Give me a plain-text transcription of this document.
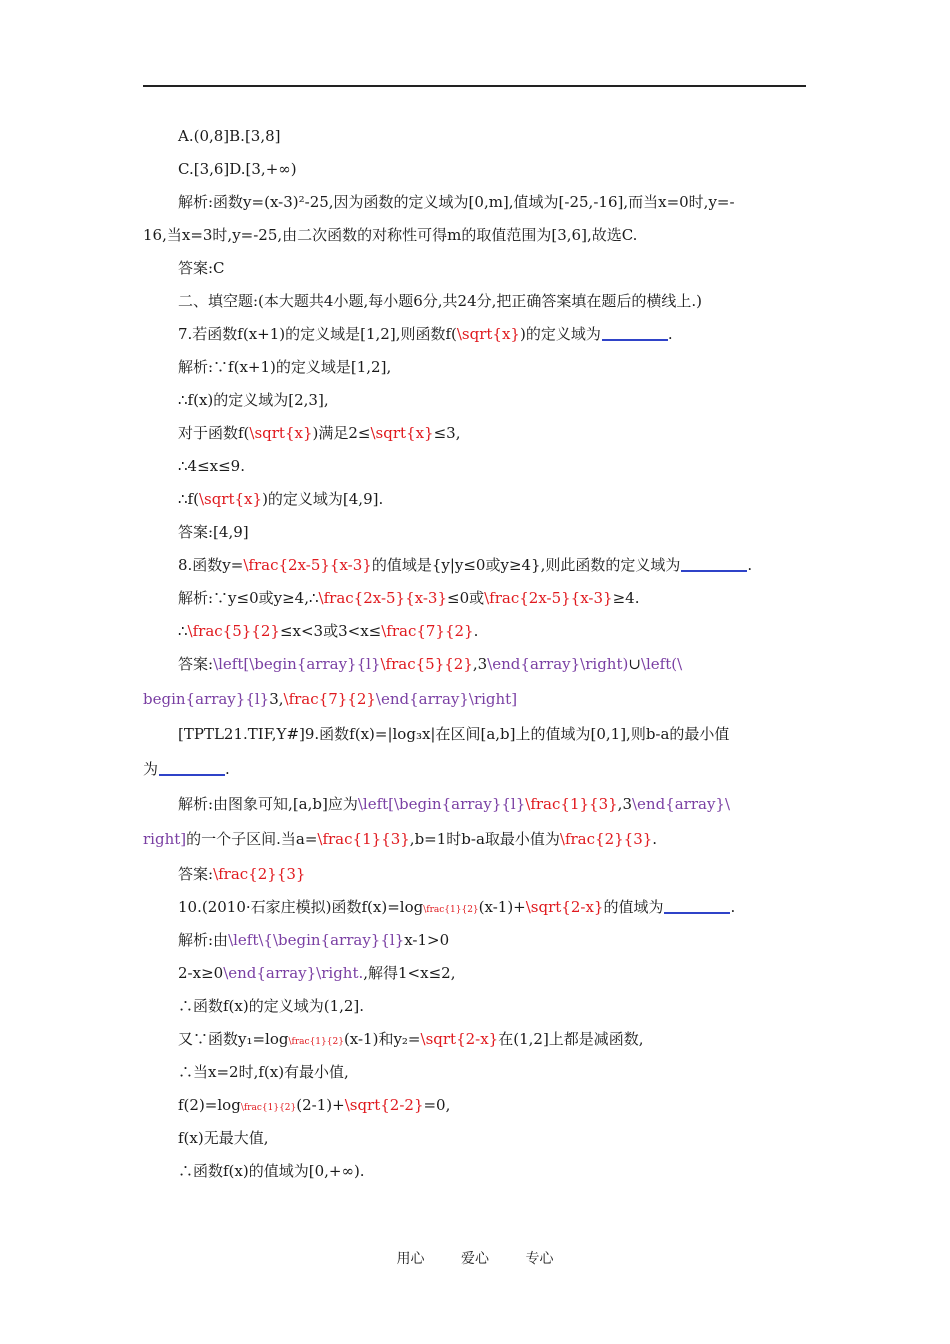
A.(0,8]B.[3,8]
C.[3,6]D.[3,+∞)
解析:函数y=(x-3)²-25,因为函数的定义域为[0,m],值域为[-25,-16],而当x=0时,y=-
16,当x=3时,y=-25,由二次函数的对称性可得m的取值范围为[3,6],故选C.
答案:C
二、填空题:(本大题共4小题,每小题6分,共24分,把正确答案填在题后的横线上.)
7.若函数f(x+1)的定义域是[1,2],则函数f(\sqrt{x})的定义域为	.
解析:∵f(x+1)的定义域是[1,2],
∴f(x)的定义域为[2,3],
对于函数f(\sqrt{x})满足2≤\sqrt{x}≤3,
∴4≤x≤9.
∴f(\sqrt{x})的定义域为[4,9].
答案:[4,9]
8.函数y=\frac{2x-5}{x-3}的值域是{y|y≤0或y≥4},则此函数的定义域为	.
解析:∵y≤0或y≥4,∴\frac{2x-5}{x-3}≤0或\frac{2x-5}{x-3}≥4.
∴\frac{5}{2}≤x<3或3<x≤\frac{7}{2}.
答案:\left[\begin{array}{l}\frac{5}{2},3\end{array}\right)∪\left(\
begin{array}{l}3,\frac{7}{2}\end{array}\right]
[TPTL21.TIF,Y#]9.函数f(x)=|log₃x|在区间[a,b]上的值域为[0,1],则b-a的最小值
为	.
解析:由图象可知,[a,b]应为\left[\begin{array}{l}\frac{1}{3},3\end{array}\
right]的一个子区间.当a=\frac{1}{3},b=1时b-a取最小值为\frac{2}{3}.
答案:\frac{2}{3}
10.(2010·石家庄模拟)函数f(x)=log\frac{1}{2}(x-1)+\sqrt{2-x}的值域为	.
解析:由\left\{\begin{array}{l}x-1>0
2-x≥0\end{array}\right.,解得1<x≤2,
∴函数f(x)的定义域为(1,2].
又∵函数y₁=log\frac{1}{2}(x-1)和y₂=\sqrt{2-x}在(1,2]上都是减函数,
∴当x=2时,f(x)有最小值,
f(2)=log\frac{1}{2}(2-1)+\sqrt{2-2}=0,
f(x)无最大值,
∴函数f(x)的值域为[0,+∞).
用心	爱心	专心
